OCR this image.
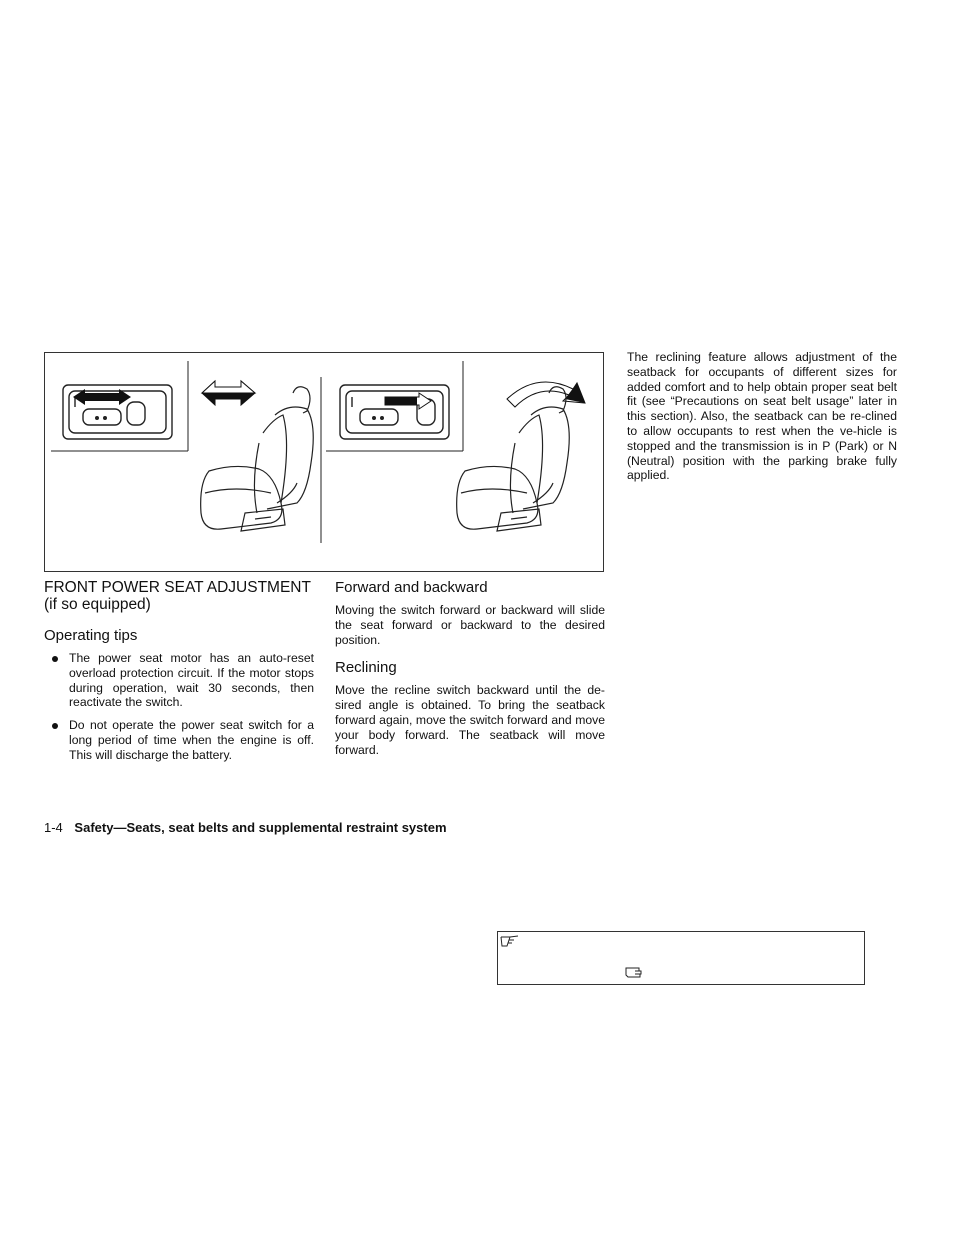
FRONT POWER SEAT ADJUSTMENT (if so equipped)
Operating tips
The power seat motor has an auto-reset overload protection circuit. If the motor stops during operation, wait 30 seconds, then reactivate the switch.
Do not operate the power seat switch for a long period of time when the engine is off. This will discharge the battery.
Forward and backward

Moving the switch forward or backward will slide the seat forward or backward to the desired position.

Reclining

Move the recline switch backward until the de-sired angle is obtained. To bring the seatback forward again, move the switch forward and move your body forward. The seatback will move forward.

The reclining feature allows adjustment of the seatback for occupants of different sizes for added comfort and to help obtain proper seat belt fit (see “Precautions on seat belt usage” later in this section). Also, the seatback can be re-clined to allow occupants to rest when the ve-hicle is stopped and the transmission is in P (Park) or N (Neutral) position with the parking brake fully applied.

1-4 Safety—Seats, seat belts and supplemental restraint system
